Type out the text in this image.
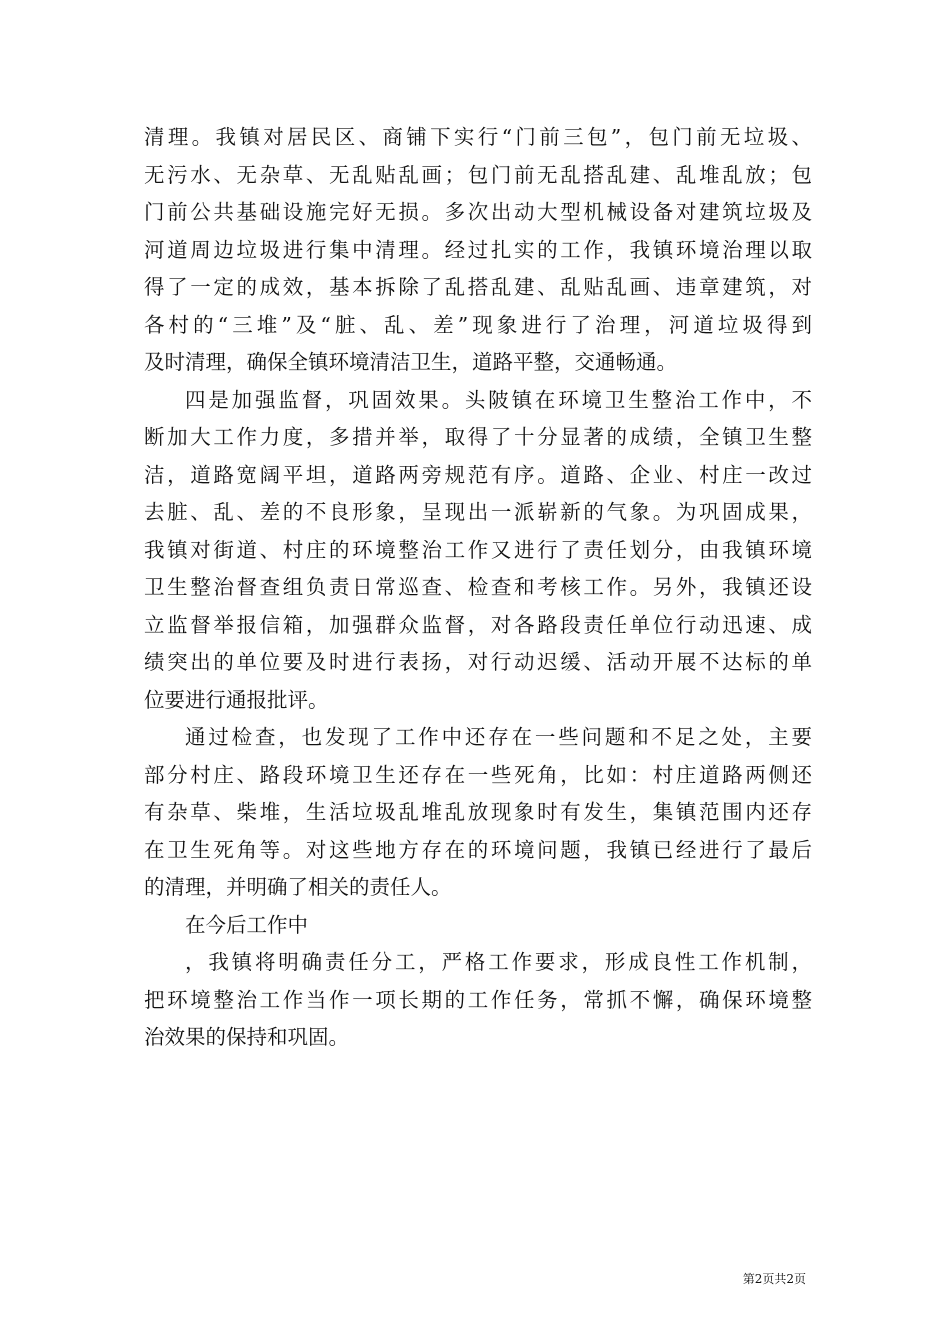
清理。我镇对居民区、商铺下实行“门前三包”，包门前无垃圾、
无污水、无杂草、无乱贴乱画；包门前无乱搭乱建、乱堆乱放；包
门前公共基础设施完好无损。多次出动大型机械设备对建筑垃圾及
河道周边垃圾进行集中清理。经过扎实的工作，我镇环境治理以取
得了一定的成效，基本拆除了乱搭乱建、乱贴乱画、违章建筑，对
各村的“三堆”及“脏、乱、差”现象进行了治理，河道垃圾得到
及时清理，确保全镇环境清洁卫生，道路平整，交通畅通。
四是加强监督，巩固效果。头陂镇在环境卫生整治工作中，不
断加大工作力度，多措并举，取得了十分显著的成绩，全镇卫生整
洁，道路宽阔平坦，道路两旁规范有序。道路、企业、村庄一改过
去脏、乱、差的不良形象，呈现出一派崭新的气象。为巩固成果，
我镇对街道、村庄的环境整治工作又进行了责任划分，由我镇环境
卫生整治督查组负责日常巡查、检查和考核工作。另外，我镇还设
立监督举报信箱，加强群众监督，对各路段责任单位行动迅速、成
绩突出的单位要及时进行表扬，对行动迟缓、活动开展不达标的单
位要进行通报批评。
通过检查，也发现了工作中还存在一些问题和不足之处，主要
部分村庄、路段环境卫生还存在一些死角，比如：村庄道路两侧还
有杂草、柴堆，生活垃圾乱堆乱放现象时有发生，集镇范围内还存
在卫生死角等。对这些地方存在的环境问题，我镇已经进行了最后
的清理，并明确了相关的责任人。
在今后工作中
，我镇将明确责任分工，严格工作要求，形成良性工作机制，
把环境整治工作当作一项长期的工作任务，常抓不懈，确保环境整
治效果的保持和巩固。
第2页共2页
